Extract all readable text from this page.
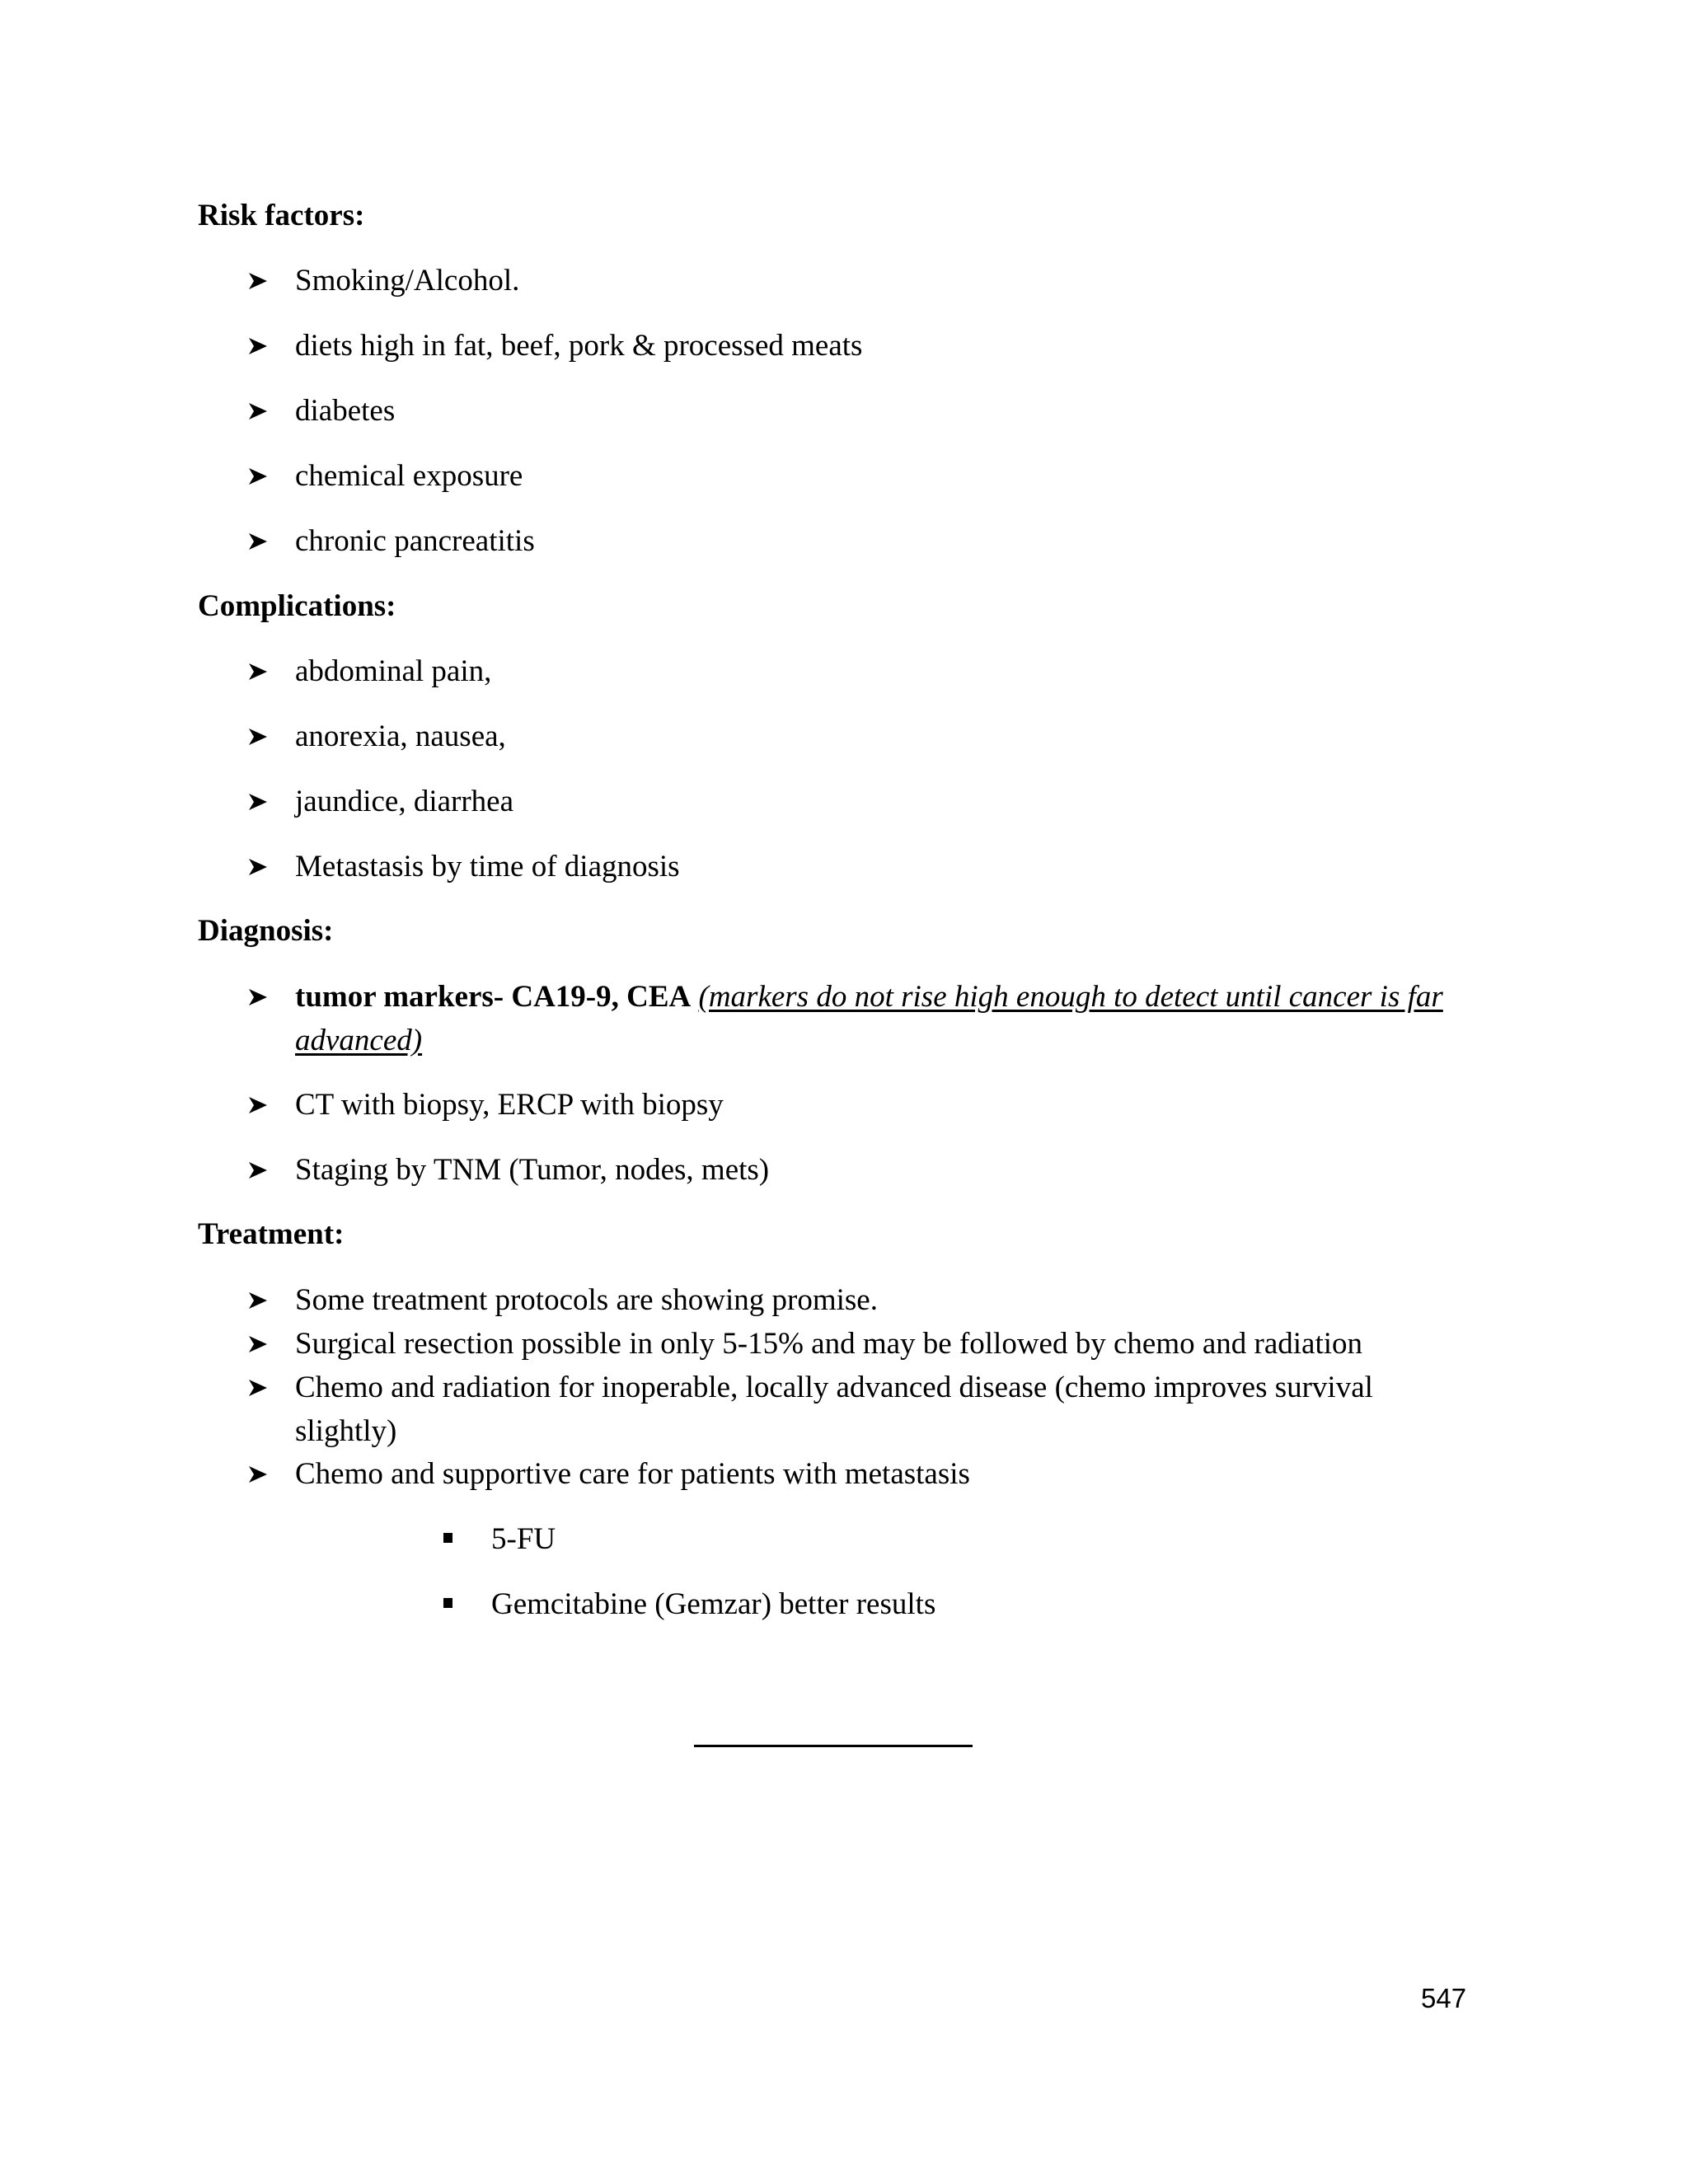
Risk factors:
Smoking/Alcohol.
diets high in fat, beef, pork & processed meats
diabetes
chemical exposure
chronic pancreatitis
Complications:
abdominal pain,
anorexia, nausea,
jaundice, diarrhea
Metastasis by time of diagnosis
Diagnosis:
tumor markers- CA19-9, CEA (markers do not rise high enough to detect until cancer is far advanced)
CT with biopsy, ERCP with biopsy
Staging by TNM (Tumor, nodes, mets)
Treatment:
Some treatment protocols are showing promise.
Surgical resection possible in only 5-15% and may be followed by chemo and radiation
Chemo and radiation for inoperable, locally advanced disease (chemo improves survival slightly)
Chemo and supportive care for patients with metastasis
5-FU
Gemcitabine (Gemzar) better results
547
